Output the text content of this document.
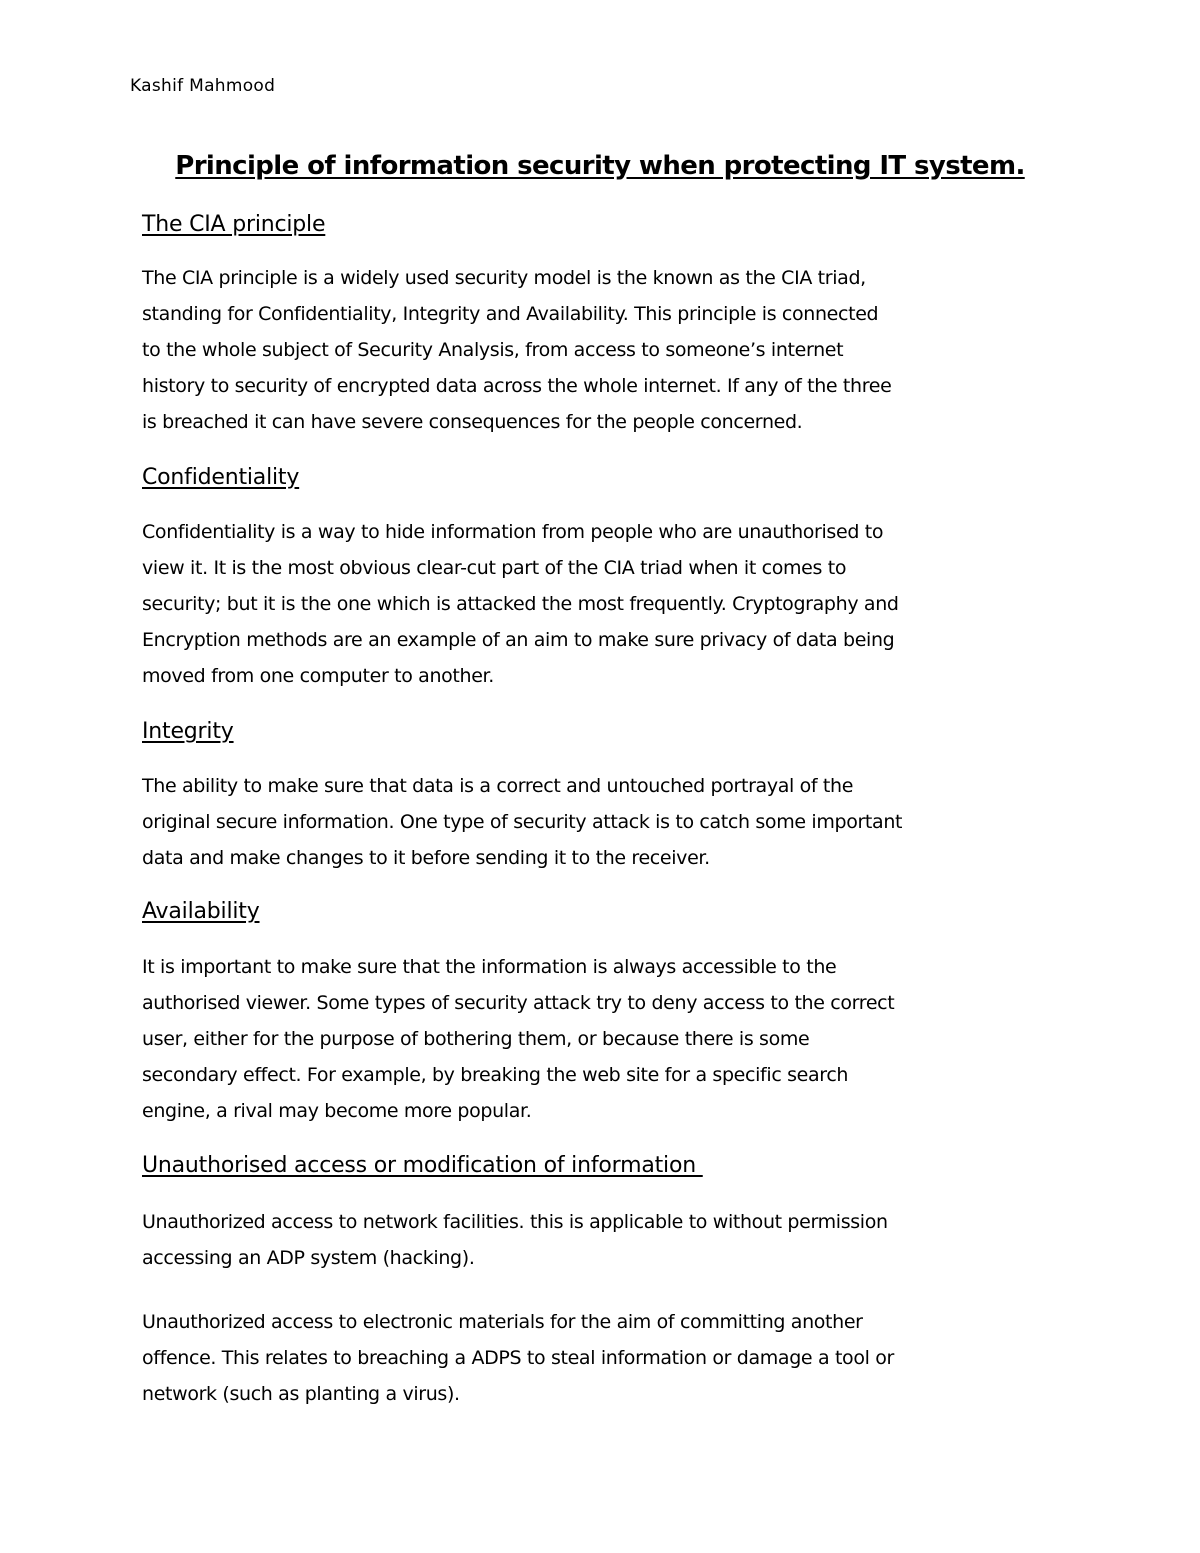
Kashif Mahmood
Principle of information security when protecting IT system.
The CIA principle

The CIA principle is a widely used security model is the known as the CIA triad,
standing for Confidentiality, Integrity and Availability. This principle is connected
to the whole subject of Security Analysis, from access to someone’s internet
history to security of encrypted data across the whole internet. If any of the three
is breached it can have severe consequences for the people concerned.

Confidentiality

Confidentiality is a way to hide information from people who are unauthorised to
view it. It is the most obvious clear-cut part of the CIA triad when it comes to
security; but it is the one which is attacked the most frequently. Cryptography and
Encryption methods are an example of an aim to make sure privacy of data being
moved from one computer to another.

Integrity

The ability to make sure that data is a correct and untouched portrayal of the
original secure information. One type of security attack is to catch some important
data and make changes to it before sending it to the receiver.

Availability

It is important to make sure that the information is always accessible to the
authorised viewer. Some types of security attack try to deny access to the correct
user, either for the purpose of bothering them, or because there is some
secondary effect. For example, by breaking the web site for a specific search
engine, a rival may become more popular.

Unauthorised access or modification of information

Unauthorized access to network facilities. this is applicable to without permission
accessing an ADP system (hacking).

Unauthorized access to electronic materials for the aim of committing another
offence. This relates to breaching a ADPS to steal information or damage a tool or
network (such as planting a virus).
